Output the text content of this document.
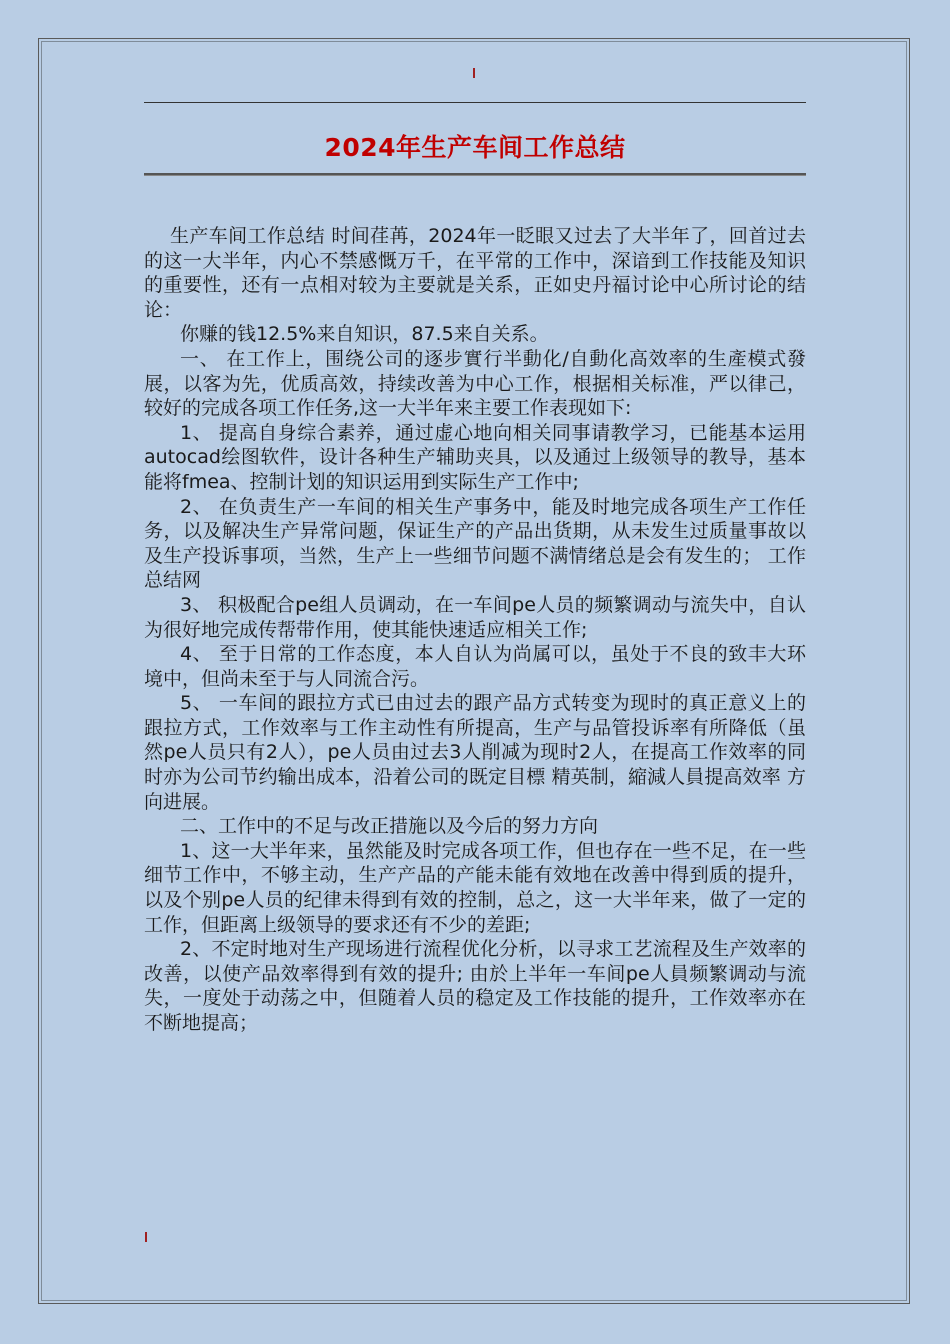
2024年生产车间工作总结

生产车间工作总结 时间荏苒，2024年一眨眼又过去了大半年了，回首过去的这一大半年，内心不禁感慨万千，在平常的工作中，深谙到工作技能及知识的重要性，还有一点相对较为主要就是关系，正如史丹福讨论中心所讨论的结论：

你赚的钱12.5%来自知识，87.5来自关系。

一、 在工作上，围绕公司的逐步實行半動化/自動化高效率的生產模式發展，以客为先，优质高效，持续改善为中心工作，根据相关标准，严以律己，较好的完成各项工作任务,这一大半年来主要工作表现如下:

1、 提高自身综合素养，通过虚心地向相关同事请教学习，已能基本运用autocad绘图软件，设计各种生产辅助夹具，以及通过上级领导的教导，基本能将fmea、控制计划的知识运用到实际生产工作中;

2、 在负责生产一车间的相关生产事务中，能及时地完成各项生产工作任务，以及解决生产异常问题，保证生产的产品出货期，从未发生过质量事故以及生产投诉事项，当然，生产上一些细节问题不满情绪总是会有发生的； 工作总结网

3、 积极配合pe组人员调动，在一车间pe人员的频繁调动与流失中，自认为很好地完成传帮带作用，使其能快速适应相关工作;

4、 至于日常的工作态度，本人自认为尚属可以，虽处于不良的致丰大环境中，但尚未至于与人同流合污。

5、 一车间的跟拉方式已由过去的跟产品方式转变为现时的真正意义上的跟拉方式，工作效率与工作主动性有所提高，生产与品管投诉率有所降低（虽然pe人员只有2人），pe人员由过去3人削减为现时2人，在提高工作效率的同时亦为公司节约输出成本，沿着公司的既定目標 精英制，縮減人員提高效率 方向进展。

二、工作中的不足与改正措施以及今后的努力方向

1、这一大半年来，虽然能及时完成各项工作，但也存在一些不足，在一些细节工作中，不够主动，生产产品的产能未能有效地在改善中得到质的提升，以及个别pe人员的纪律未得到有效的控制，总之，这一大半年来，做了一定的工作，但距离上级领导的要求还有不少的差距;

2、不定时地对生产现场进行流程优化分析，以寻求工艺流程及生产效率的改善，以使产品效率得到有效的提升; 由於上半年一车间pe人員频繁调动与流失，一度处于动荡之中，但随着人员的稳定及工作技能的提升，工作效率亦在不断地提高；
